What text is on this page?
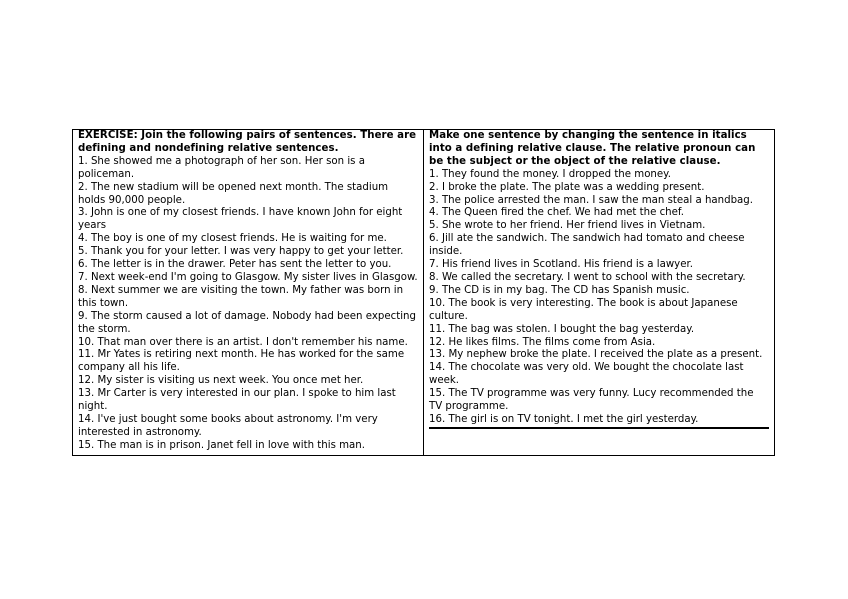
EXERCISE: Join the following pairs of sentences. There are defining and nondefining relative sentences.
1. She showed me a photograph of her son. Her son is a policeman.
2. The new stadium will be opened next month. The stadium holds 90,000 people.
3. John is one of my closest friends. I have known John for eight years
4. The boy is one of my closest friends. He is waiting for me.
5. Thank you for your letter. I was very happy to get your letter.
6. The letter is in the drawer. Peter has sent the letter to you.
7. Next week-end I'm going to Glasgow. My sister lives in Glasgow.
8. Next summer we are visiting the town. My father was born in this town.
9. The storm caused a lot of damage. Nobody had been expecting the storm.
10. That man over there is an artist. I don't remember his name.
11. Mr Yates is retiring next month. He has worked for the same company all his life.
12. My sister is visiting us next week. You once met her.
13. Mr Carter is very interested in our plan. I spoke to him last night.
14. I've just bought some books about astronomy. I'm very interested in astronomy.
15. The man is in prison. Janet fell in love with this man.
Make one sentence by changing the sentence in italics into a defining relative clause. The relative pronoun can be the subject or the object of the relative clause.
1. They found the money. I dropped the money.
2. I broke the plate. The plate was a wedding present.
3. The police arrested the man. I saw the man steal a handbag.
4. The Queen fired the chef. We had met the chef.
5. She wrote to her friend. Her friend lives in Vietnam.
6. Jill ate the sandwich. The sandwich had tomato and cheese inside.
7. His friend lives in Scotland. His friend is a lawyer.
8. We called the secretary. I went to school with the secretary.
9. The CD is in my bag. The CD has Spanish music.
10. The book is very interesting. The book is about Japanese culture.
11. The bag was stolen. I bought the bag yesterday.
12. He likes films. The films come from Asia.
13. My nephew broke the plate. I received the plate as a present.
14. The chocolate was very old. We bought the chocolate last week.
15. The TV programme was very funny. Lucy recommended the TV programme.
16. The girl is on TV tonight. I met the girl yesterday.
